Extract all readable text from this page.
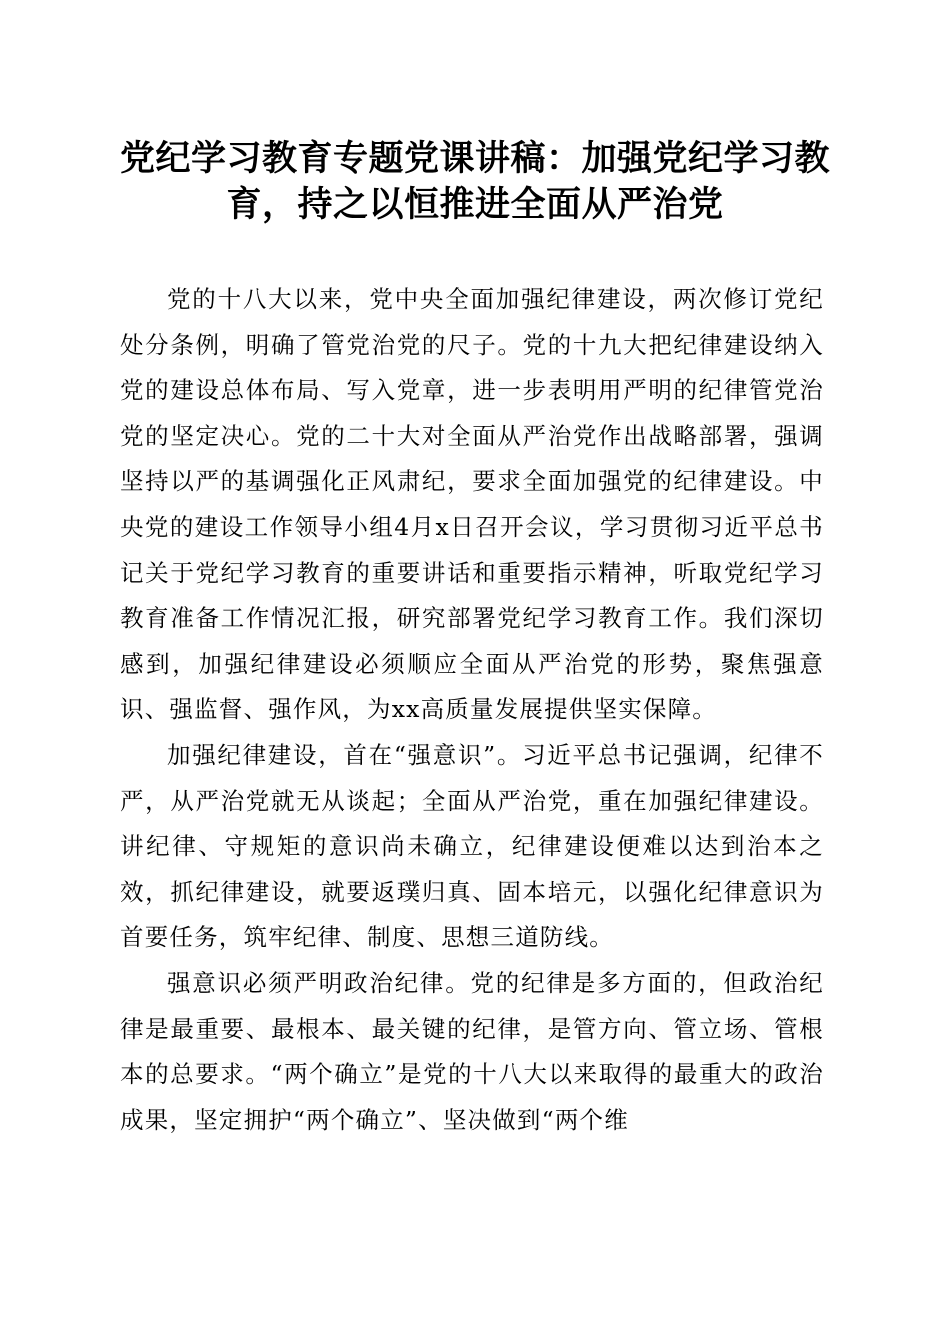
党纪学习教育专题党课讲稿：加强党纪学习教
育，持之以恒推进全面从严治党

党的十八大以来，党中央全面加强纪律建设，两次修订党纪处分条例，明确了管党治党的尺子。党的十九大把纪律建设纳入党的建设总体布局、写入党章，进一步表明用严明的纪律管党治党的坚定决心。党的二十大对全面从严治党作出战略部署，强调坚持以严的基调强化正风肃纪，要求全面加强党的纪律建设。中央党的建设工作领导小组4月x日召开会议，学习贯彻习近平总书记关于党纪学习教育的重要讲话和重要指示精神，听取党纪学习教育准备工作情况汇报，研究部署党纪学习教育工作。我们深切感到，加强纪律建设必须顺应全面从严治党的形势，聚焦强意识、强监督、强作风，为xx高质量发展提供坚实保障。

加强纪律建设，首在“强意识”。习近平总书记强调，纪律不严，从严治党就无从谈起；全面从严治党，重在加强纪律建设。讲纪律、守规矩的意识尚未确立，纪律建设便难以达到治本之效，抓纪律建设，就要返璞归真、固本培元，以强化纪律意识为首要任务，筑牢纪律、制度、思想三道防线。

强意识必须严明政治纪律。党的纪律是多方面的，但政治纪律是最重要、最根本、最关键的纪律，是管方向、管立场、管根本的总要求。“两个确立”是党的十八大以来取得的最重大的政治成果，坚定拥护“两个确立”、坚决做到“两个维
